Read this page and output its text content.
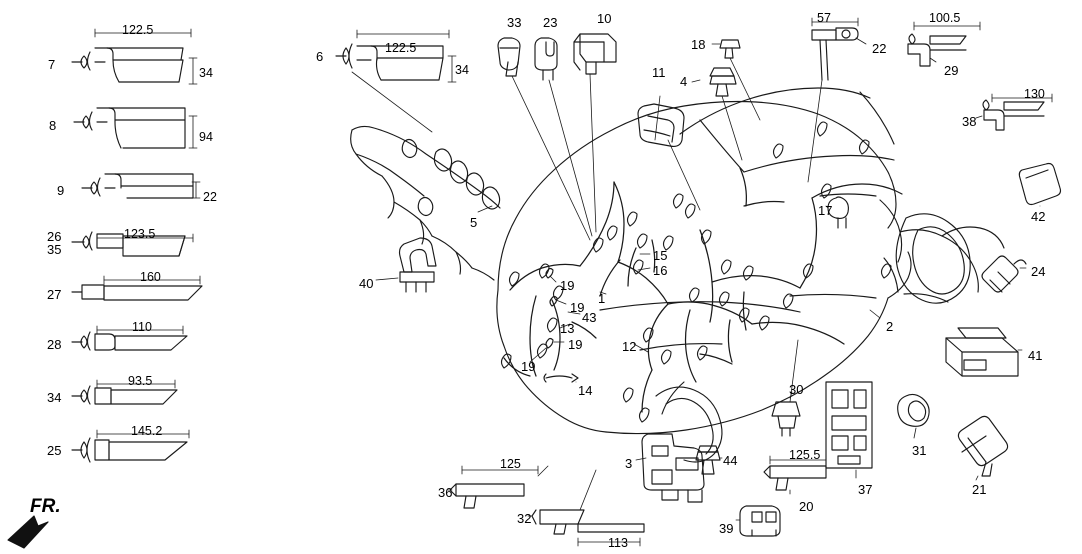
7
8
9
26
35
27
28
34
25
6
5
40
33 23	10
18
4
11
57
22
29
100.5
130
38
42
17
15
16
19
19
19
19
1
43
13
12
14
2
24
41
30
31
37	21
20
125.5
3	44
39
36
32
125
113
122.5
34
94
22
123.5
160
110
93.5
145.2
122.5
34
FR.
